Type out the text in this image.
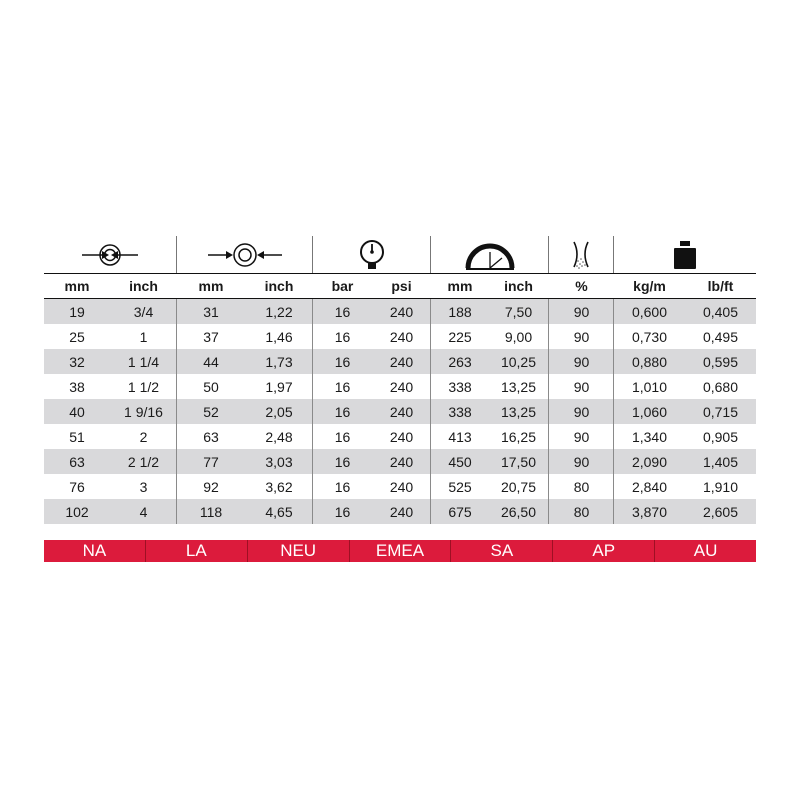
mm	inch	mm	inch	bar	psi	mm	inch	%	kg/m	lb/ft
19	3/4	31	1,22	16	240	188	7,50	90	0,600	0,405
25	1	37	1,46	16	240	225	9,00	90	0,730	0,495
32	1 1/4	44	1,73	16	240	263	10,25	90	0,880	0,595
38	1 1/2	50	1,97	16	240	338	13,25	90	1,010	0,680
40	1 9/16	52	2,05	16	240	338	13,25	90	1,060	0,715
51	2	63	2,48	16	240	413	16,25	90	1,340	0,905
63	2 1/2	77	3,03	16	240	450	17,50	90	2,090	1,405
76	3	92	3,62	16	240	525	20,75	80	2,840	1,910
102	4	118	4,65	16	240	675	26,50	80	3,870	2,605
NA	LA	NEU	EMEA	SA	AP	AU
